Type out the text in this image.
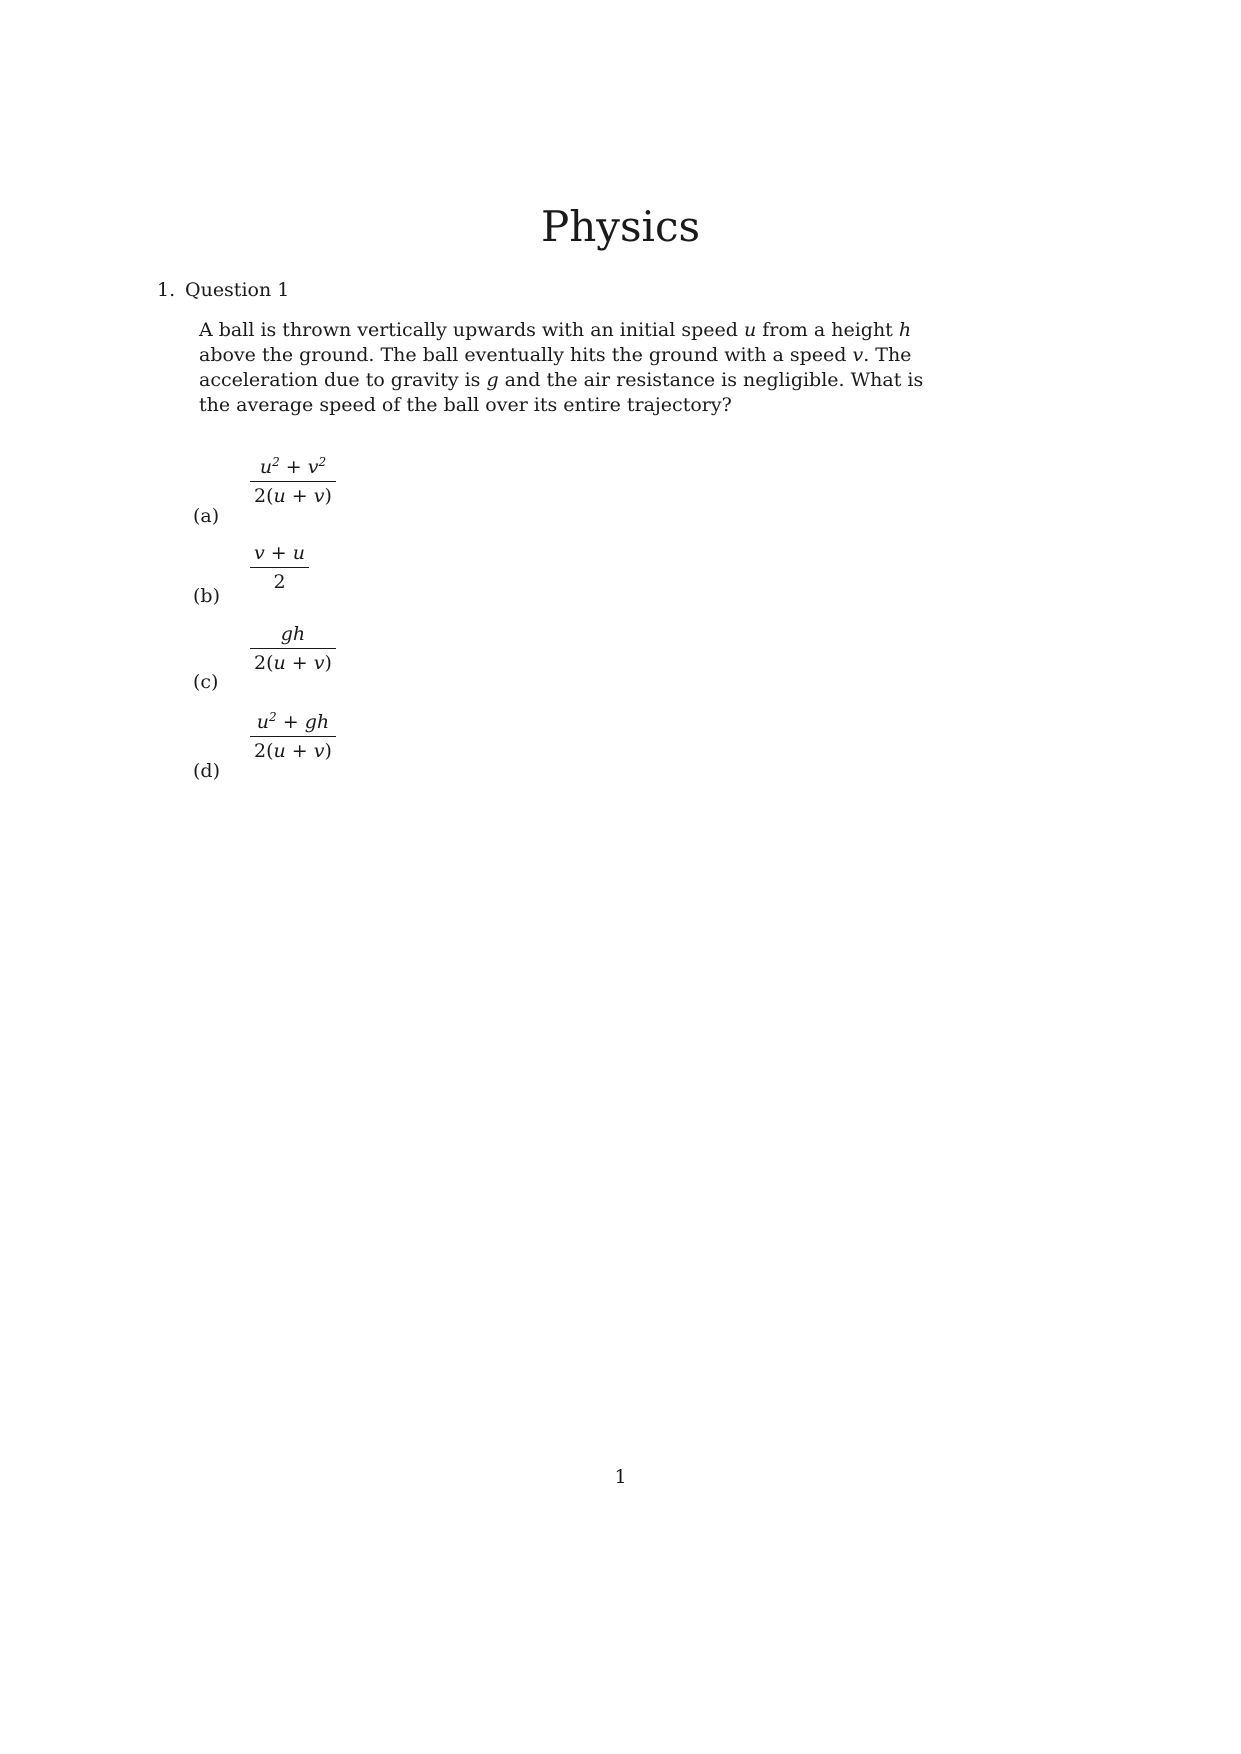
Physics
1. Question 1
A ball is thrown vertically upwards with an initial speed u from a height h
above the ground. The ball eventually hits the ground with a speed v. The
acceleration due to gravity is g and the air resistance is negligible. What is
the average speed of the ball over its entire trajectory?
(a)
$u^2 + v^2$
2(u + v)
(b)
v + u
2
(c)
gh
2(u + v)
(d)
$u^2$ + gh
2(u + v)
1
